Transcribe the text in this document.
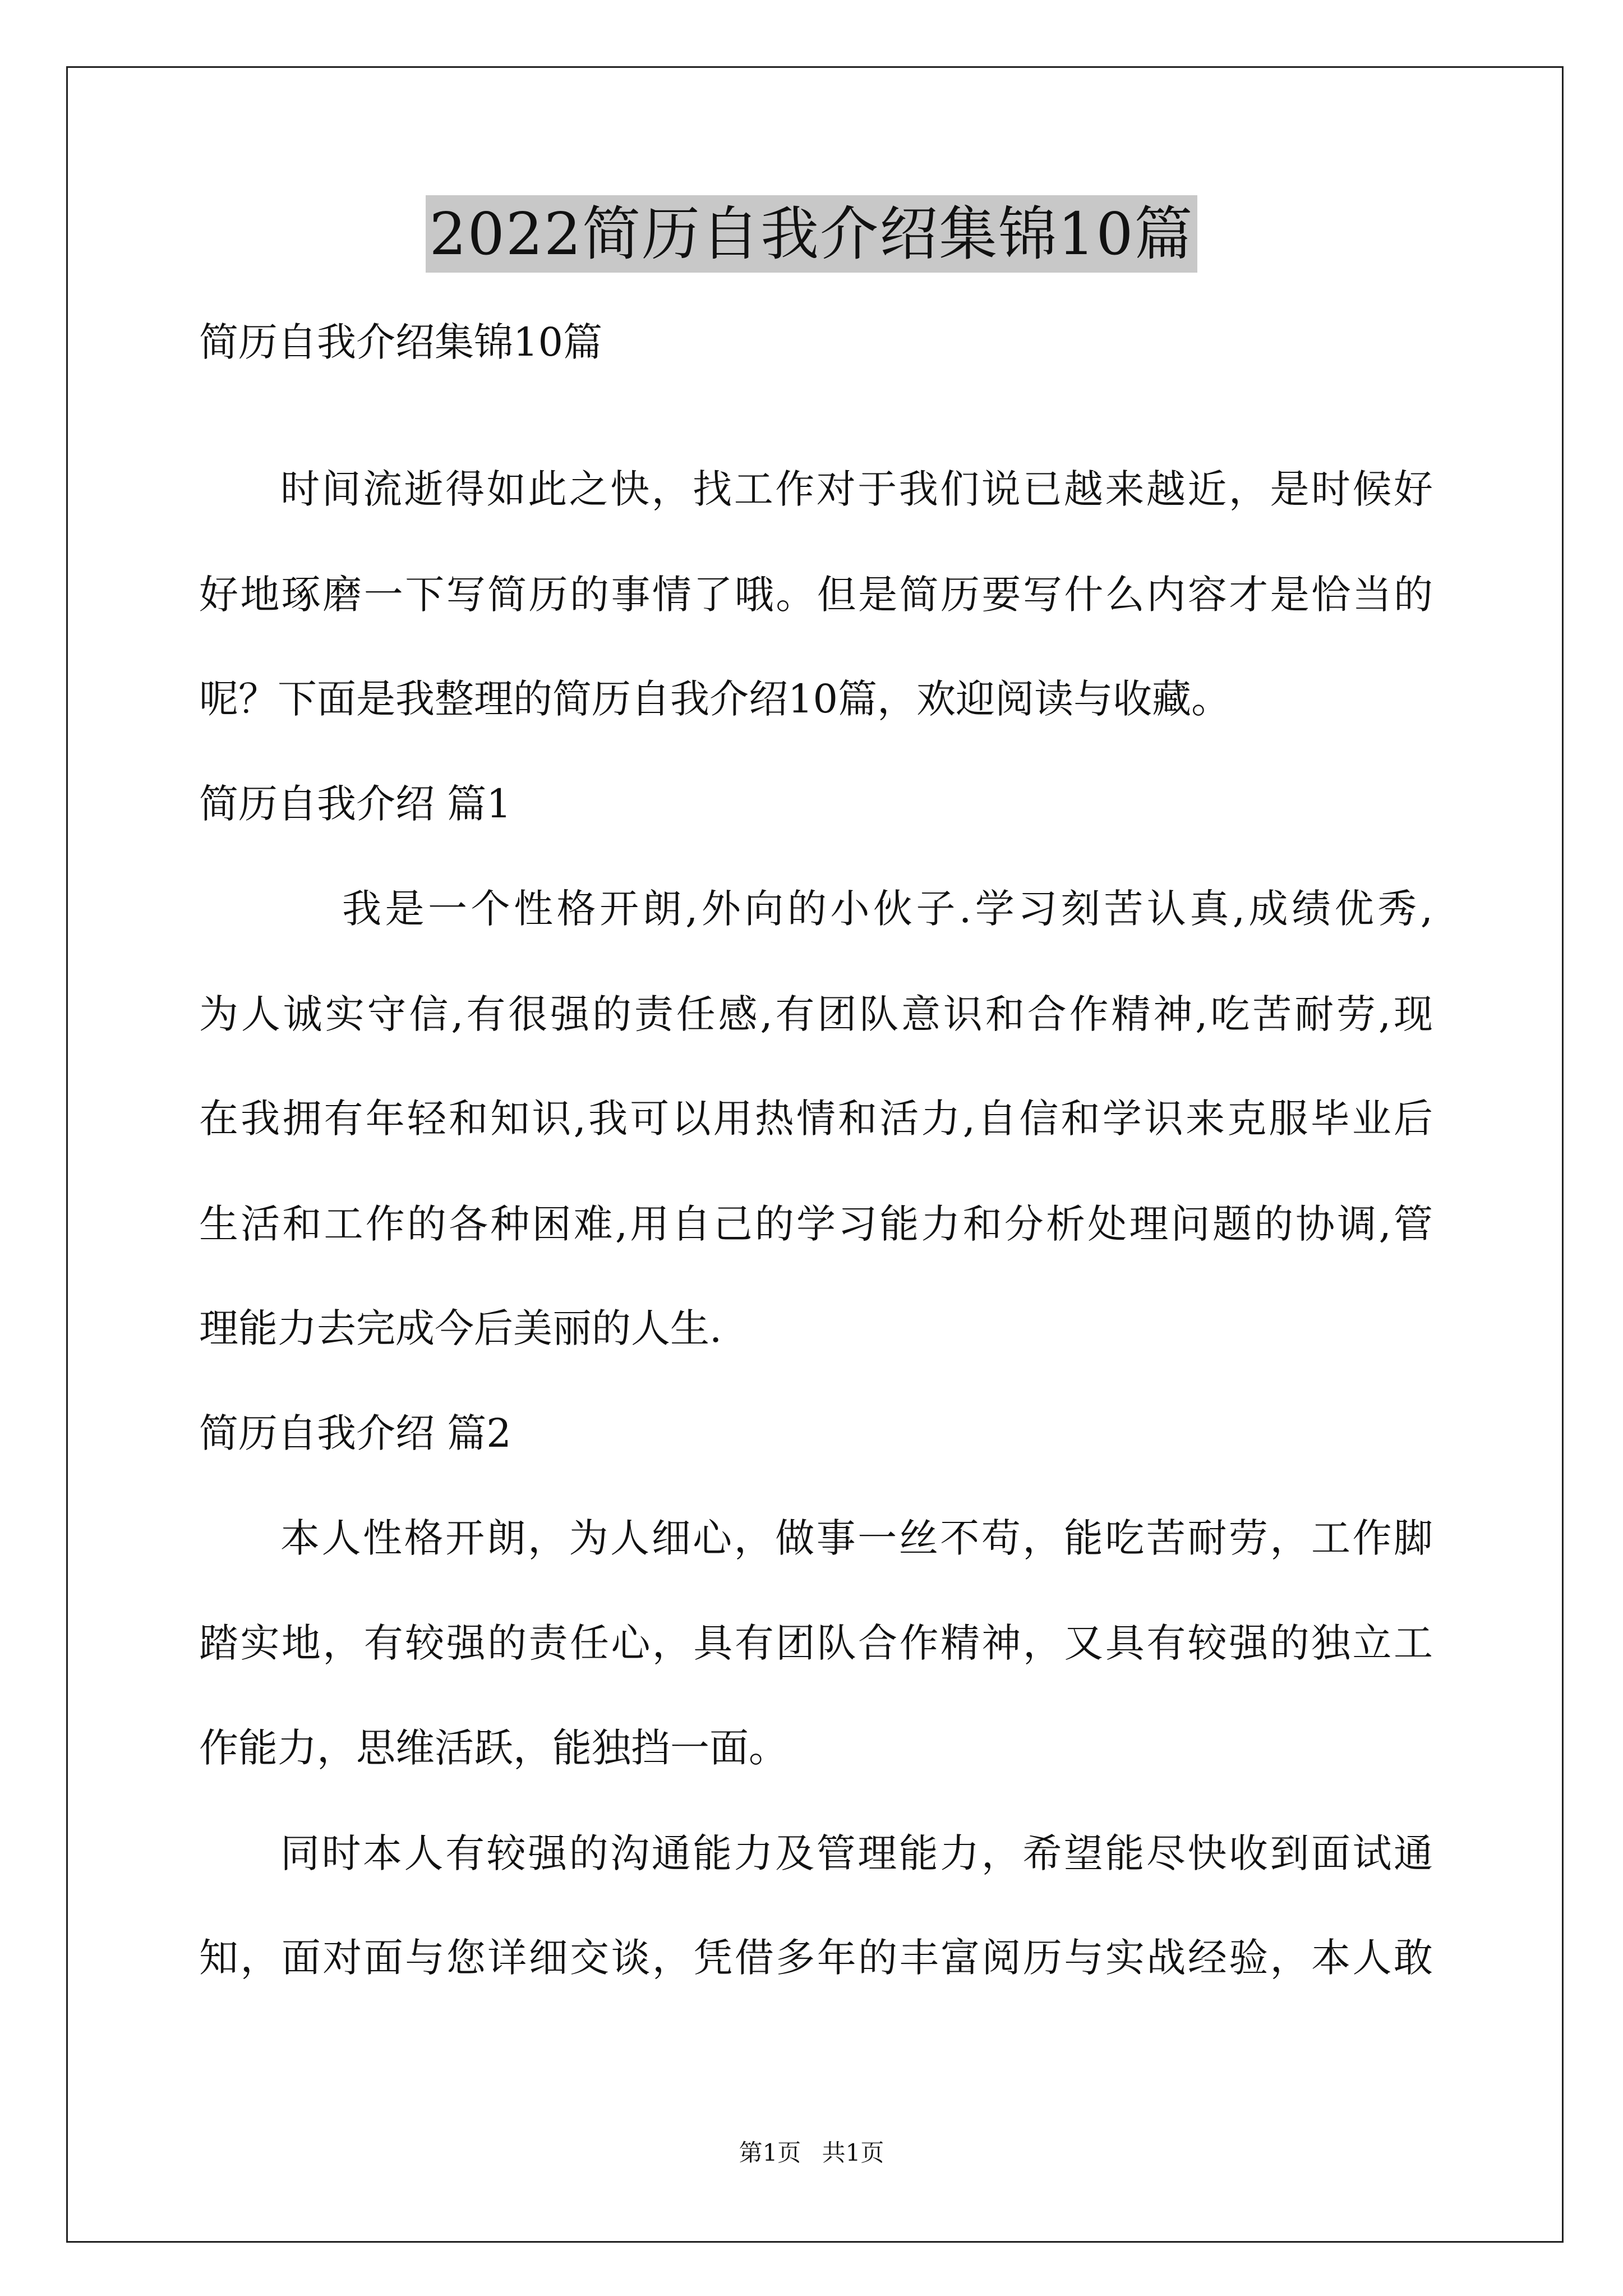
2022简历自我介绍集锦10篇
简历自我介绍集锦10篇
时间流逝得如此之快，找工作对于我们说已越来越近，是时候好
好地琢磨一下写简历的事情了哦。但是简历要写什么内容才是恰当的
呢？下面是我整理的简历自我介绍10篇，欢迎阅读与收藏。
简历自我介绍 篇1
我是一个性格开朗,外向的小伙子.学习刻苦认真,成绩优秀,
为人诚实守信,有很强的责任感,有团队意识和合作精神,吃苦耐劳,现
在我拥有年轻和知识,我可以用热情和活力,自信和学识来克服毕业后
生活和工作的各种困难,用自己的学习能力和分析处理问题的协调,管
理能力去完成今后美丽的人生.
简历自我介绍 篇2
本人性格开朗，为人细心，做事一丝不苟，能吃苦耐劳，工作脚
踏实地，有较强的责任心，具有团队合作精神，又具有较强的独立工
作能力，思维活跃，能独挡一面。
同时本人有较强的沟通能力及管理能力，希望能尽快收到面试通
知，面对面与您详细交谈，凭借多年的丰富阅历与实战经验，本人敢
第1页 共1页
